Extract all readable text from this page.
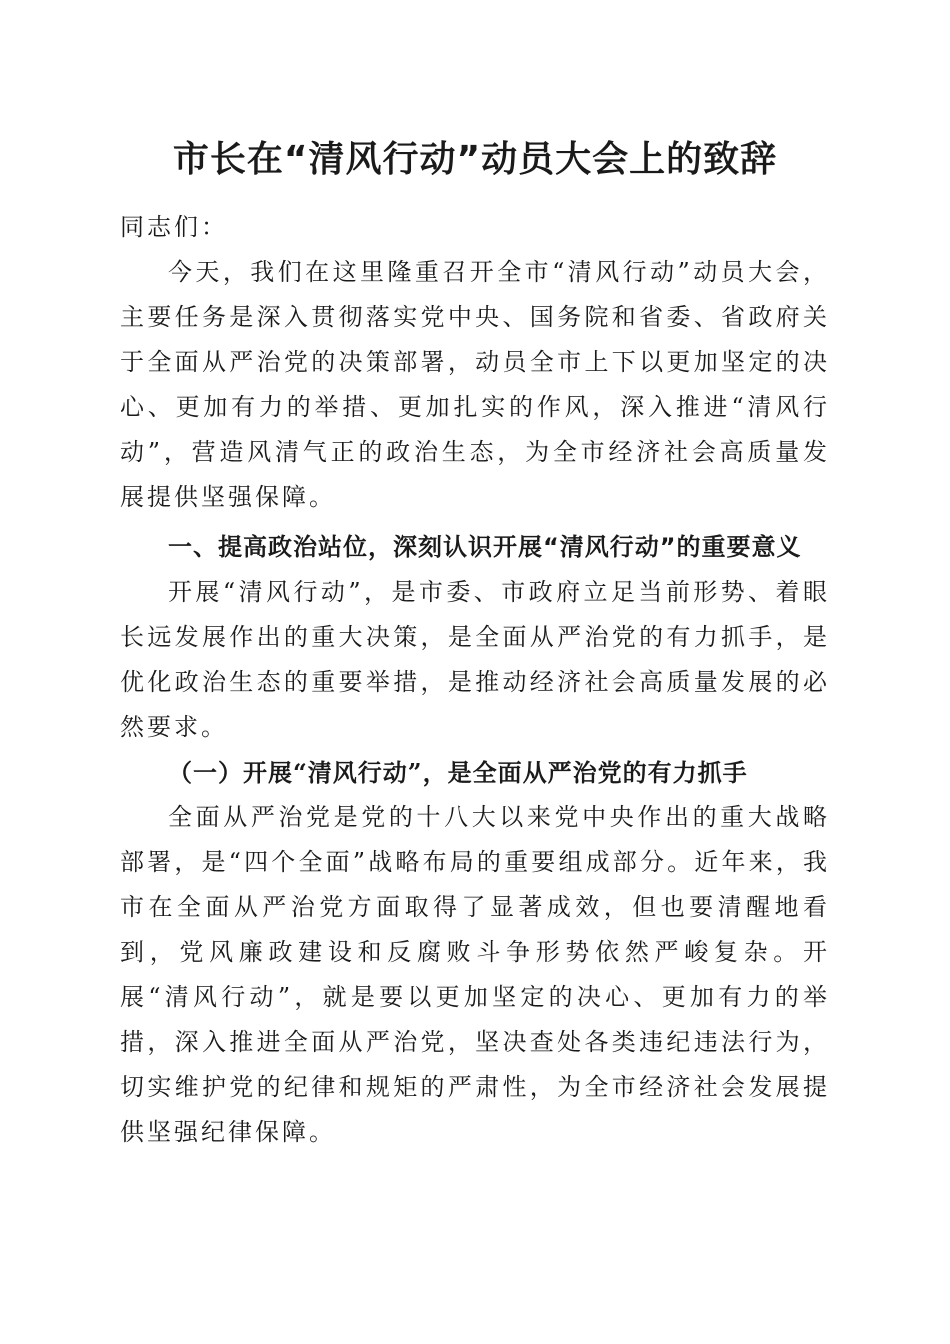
市长在“清风行动”动员大会上的致辞

同志们：

今天，我们在这里隆重召开全市“清风行动”动员大会，主要任务是深入贯彻落实党中央、国务院和省委、省政府关于全面从严治党的决策部署，动员全市上下以更加坚定的决心、更加有力的举措、更加扎实的作风，深入推进“清风行动”，营造风清气正的政治生态，为全市经济社会高质量发展提供坚强保障。

一、提高政治站位，深刻认识开展“清风行动”的重要意义

开展“清风行动”，是市委、市政府立足当前形势、着眼长远发展作出的重大决策，是全面从严治党的有力抓手，是优化政治生态的重要举措，是推动经济社会高质量发展的必然要求。

（一）开展“清风行动”，是全面从严治党的有力抓手

全面从严治党是党的十八大以来党中央作出的重大战略部署，是“四个全面”战略布局的重要组成部分。近年来，我市在全面从严治党方面取得了显著成效，但也要清醒地看到，党风廉政建设和反腐败斗争形势依然严峻复杂。开展“清风行动”，就是要以更加坚定的决心、更加有力的举措，深入推进全面从严治党，坚决查处各类违纪违法行为，切实维护党的纪律和规矩的严肃性，为全市经济社会发展提供坚强纪律保障。
